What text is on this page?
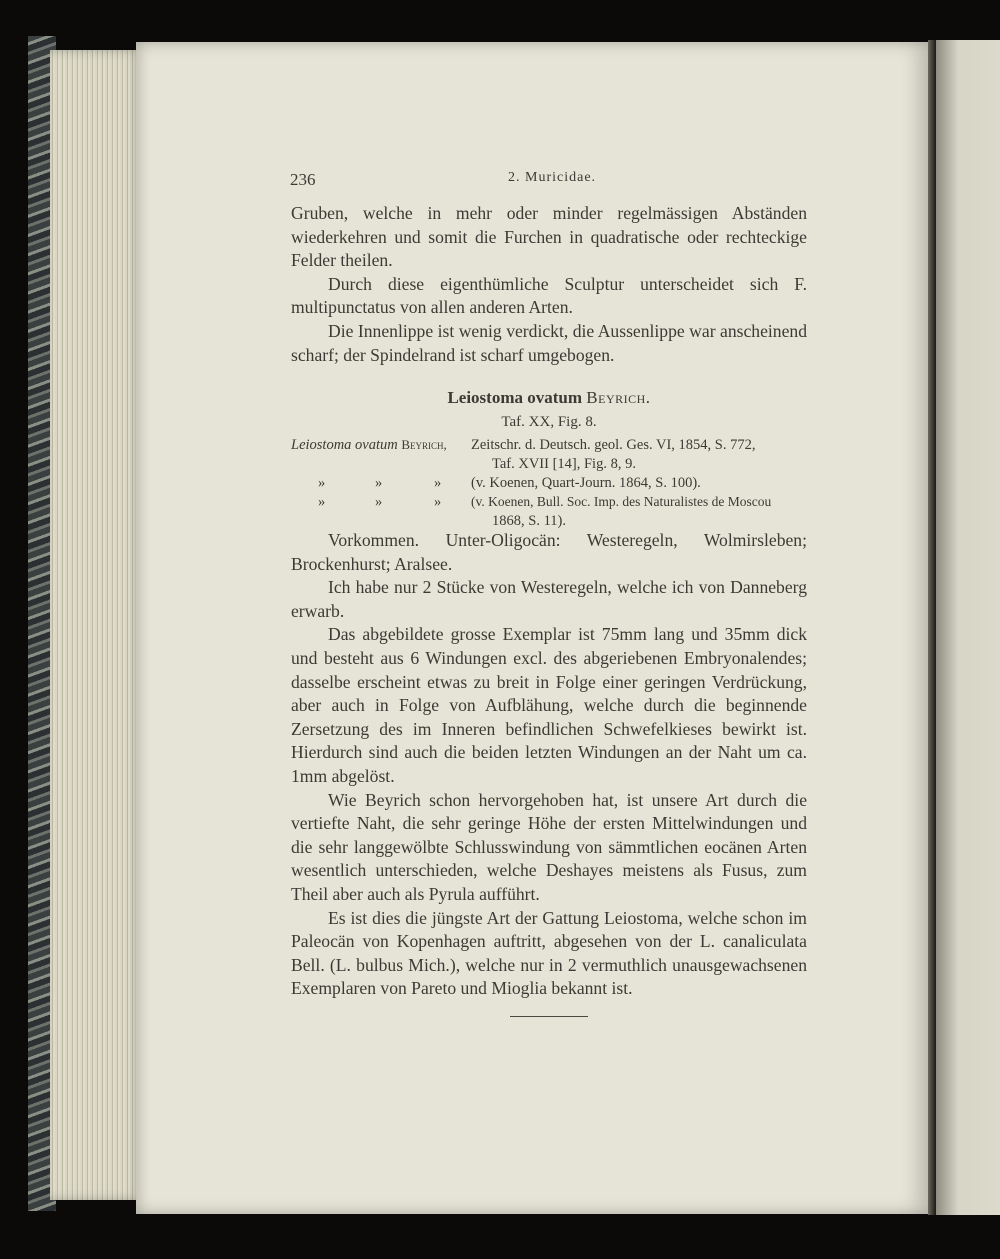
236	2. Muricidae.

Gruben, welche in mehr oder minder regelmässigen Abständen wiederkehren und somit die Furchen in quadratische oder rechteckige Felder theilen.

Durch diese eigenthümliche Sculptur unterscheidet sich F. multipunctatus von allen anderen Arten.

Die Innenlippe ist wenig verdickt, die Aussenlippe war anscheinend scharf; der Spindelrand ist scharf umgebogen.

Leiostoma ovatum Beyrich.
Taf. XX, Fig. 8.
Leiostoma ovatum Beyrich, Zeitschr. d. Deutsch. geol. Ges. VI, 1854, S. 772,
Taf. XVII [14], Fig. 8, 9.
»	»	» (v. Koenen, Quart-Journ. 1864, S. 100).
»	»	» (v. Koenen, Bull. Soc. Imp. des Naturalistes de Moscou
1868, S. 11).

Vorkommen. Unter-Oligocän: Westeregeln, Wolmirsleben; Brockenhurst; Aralsee.

Ich habe nur 2 Stücke von Westeregeln, welche ich von Danneberg erwarb.

Das abgebildete grosse Exemplar ist 75mm lang und 35mm dick und besteht aus 6 Windungen excl. des abgeriebenen Embryonalendes; dasselbe erscheint etwas zu breit in Folge einer geringen Verdrückung, aber auch in Folge von Aufblähung, welche durch die beginnende Zersetzung des im Inneren befindlichen Schwefelkieses bewirkt ist. Hierdurch sind auch die beiden letzten Windungen an der Naht um ca. 1mm abgelöst.

Wie Beyrich schon hervorgehoben hat, ist unsere Art durch die vertiefte Naht, die sehr geringe Höhe der ersten Mittelwindungen und die sehr langgewölbte Schlusswindung von sämmtlichen eocänen Arten wesentlich unterschieden, welche Deshayes meistens als Fusus, zum Theil aber auch als Pyrula aufführt.

Es ist dies die jüngste Art der Gattung Leiostoma, welche schon im Paleocän von Kopenhagen auftritt, abgesehen von der L. canaliculata Bell. (L. bulbus Mich.), welche nur in 2 vermuthlich unausgewachsenen Exemplaren von Pareto und Mioglia bekannt ist.
